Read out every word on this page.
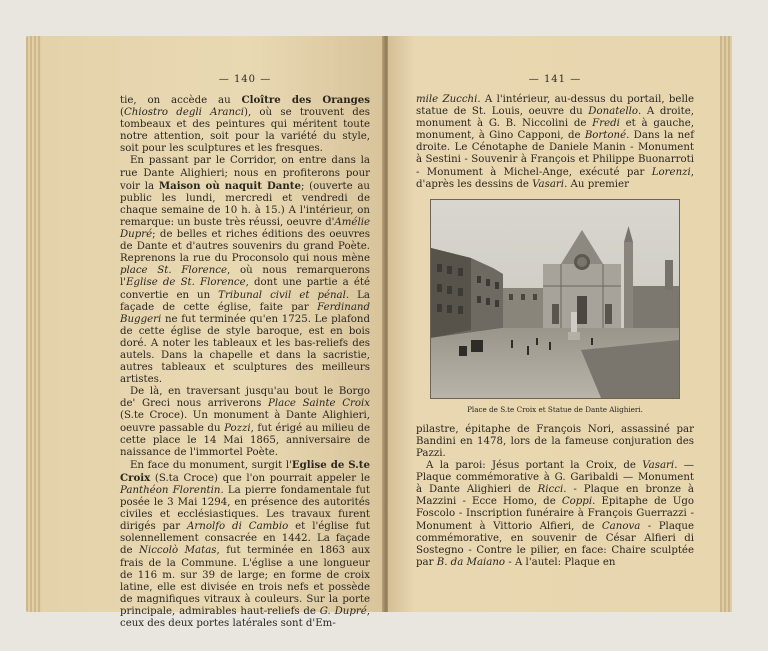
— 140 —

tie, on accède au Cloître des Oranges (Chiostro degli Aranci), où se trouvent des tombeaux et des peintures qui méritent toute notre attention, soit pour la variété du style, soit pour les sculptures et les fresques.

En passant par le Corridor, on entre dans la rue Dante Alighieri; nous en profiterons pour voir la Maison où naquit Dante; (ouverte au public les lundi, mercredi et vendredi de chaque semaine de 10 h. à 15.) A l'intérieur, on remarque: un buste très réussi, oeuvre d'Amélie Dupré; de belles et riches éditions des oeuvres de Dante et d'autres souvenirs du grand Poète. Reprenons la rue du Proconsolo qui nous mène place St. Florence, où nous remarquerons l'Eglise de St. Florence, dont une partie a été convertie en un Tribunal civil et pénal. La façade de cette église, faite par Ferdinand Buggeri ne fut terminée qu'en 1725. Le plafond de cette église de style baroque, est en bois doré. A noter les tableaux et les bas-reliefs des autels. Dans la chapelle et dans la sacristie, autres tableaux et sculptures des meilleurs artistes.

De là, en traversant jusqu'au bout le Borgo de' Greci nous arriverons Place Sainte Croix (S.te Croce). Un monument à Dante Alighieri, oeuvre passable du Pozzi, fut érigé au milieu de cette place le 14 Mai 1865, anniversaire de naissance de l'immortel Poète.

En face du monument, surgit l'Eglise de S.te Croix (S.ta Croce) que l'on pourrait appeler le Panthéon Florentin. La pierre fondamentale fut posée le 3 Mai 1294, en présence des autorités civiles et ecclésiastiques. Les travaux furent dirigés par Arnolfo di Cambio et l'église fut solennellement consacrée en 1442. La façade de Niccolò Matas, fut terminée en 1863 aux frais de la Commune. L'église a une longueur de 116 m. sur 39 de large; en forme de croix latine, elle est divisée en trois nefs et possède de magnifiques vitraux à couleurs. Sur la porte principale, admirables haut-reliefs de G. Dupré, ceux des deux portes latérales sont d'Em-

— 141 —

mile Zucchi. A l'intérieur, au-dessus du portail, belle statue de St. Louis, oeuvre du Donatello. A droite, monument à G. B. Niccolini de Fredi et à gauche, monument, à Gino Capponi, de Bortoné. Dans la nef droite. Le Cénotaphe de Daniele Manin - Monument à Sestini - Souvenir à François et Philippe Buonarroti - Monument à Michel-Ange, exécuté par Lorenzi, d'après les dessins de Vasari. Au premier

Place de S.te Croix et Statue de Dante Alighieri.

pilastre, épitaphe de François Nori, assassiné par Bandini en 1478, lors de la fameuse conjuration des Pazzi.

A la paroi: Jésus portant la Croix, de Vasari. — Plaque commémorative à G. Garibaldi — Monument à Dante Alighieri de Ricci. - Plaque en bronze à Mazzini - Ecce Homo, de Coppi. Epitaphe de Ugo Foscolo - Inscription funéraire à François Guerrazzi - Monument à Vittorio Alfieri, de Canova - Plaque commémorative, en souvenir de César Alfieri di Sostegno - Contre le pilier, en face: Chaire sculptée par B. da Maiano - A l'autel: Plaque en
